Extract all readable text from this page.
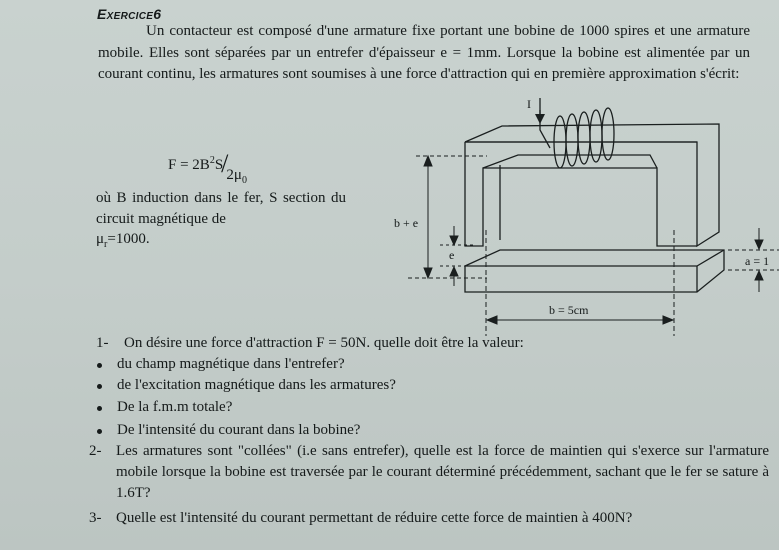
Exercice6
Un contacteur est composé d'une armature fixe portant une bobine de 1000 spires et une armature mobile. Elles sont séparées par un entrefer d'épaisseur e = 1mm. Lorsque la bobine est alimentée par un courant continu, les armatures sont soumises à une force d'attraction qui en première approximation s'écrit:
$F = 2B^2S/2\mu_0$
où B induction dans le fer, S section du circuit magnétique de
$\mu_r=1000$.
I
b + e
e	a = 1
b = 5cm
1- On désire une force d'attraction F = 50N. quelle doit être la valeur:
du champ magnétique dans l'entrefer?
de l'excitation magnétique dans les armatures?
De la f.m.m totale?
De l'intensité du courant dans la bobine?
2- Les armatures sont "collées" (i.e sans entrefer), quelle est la force de maintien qui s'exerce sur l'armature mobile lorsque la bobine est traversée par le courant déterminé précédemment, sachant que le fer se sature à 1.6T?
3- Quelle est l'intensité du courant permettant de réduire cette force de maintien à 400N?
